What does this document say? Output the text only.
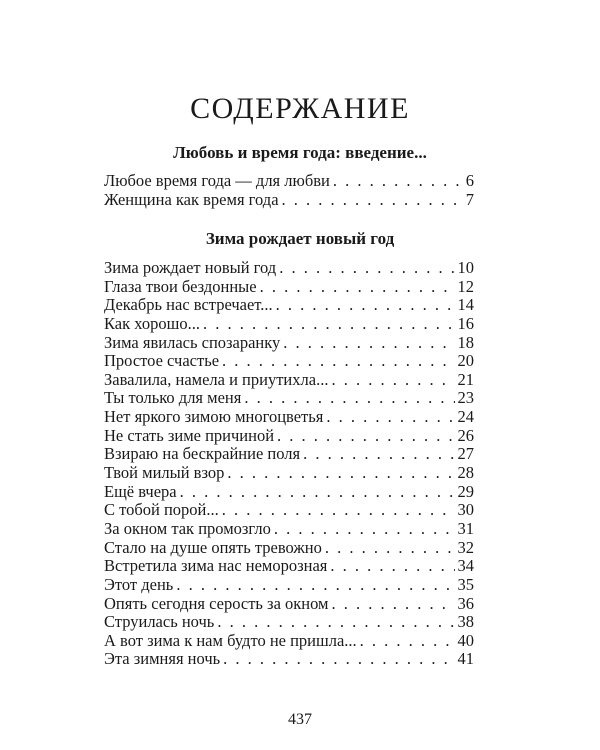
СОДЕРЖАНИЕ
Любовь и время года: введение...
Любое время года — для любви . . .	6
Женщина как время года . . .	7
Зима рождает новый год
Зима рождает новый год . . .	10
Глаза твои бездонные . . .	12
Декабрь нас встречает... . . .	14
Как хорошо... . . .	16
Зима явилась спозаранку . . .	18
Простое счастье . . .	20
Завалила, намела и приутихла... . . .	21
Ты только для меня . . .	23
Нет яркого зимою многоцветья . . .	24
Не стать зиме причиной . . .	26
Взираю на бескрайние поля . . .	27
Твой милый взор . . .	28
Ещё вчера . . .	29
С тобой порой... . . .	30
За окном так промозгло . . .	31
Стало на душе опять тревожно . . .	32
Встретила зима нас неморозная . . .	34
Этот день . . .	35
Опять сегодня серость за окном . . .	36
Струилась ночь . . .	38
А вот зима к нам будто не пришла... . . .	40
Эта зимняя ночь . . .	41
437
